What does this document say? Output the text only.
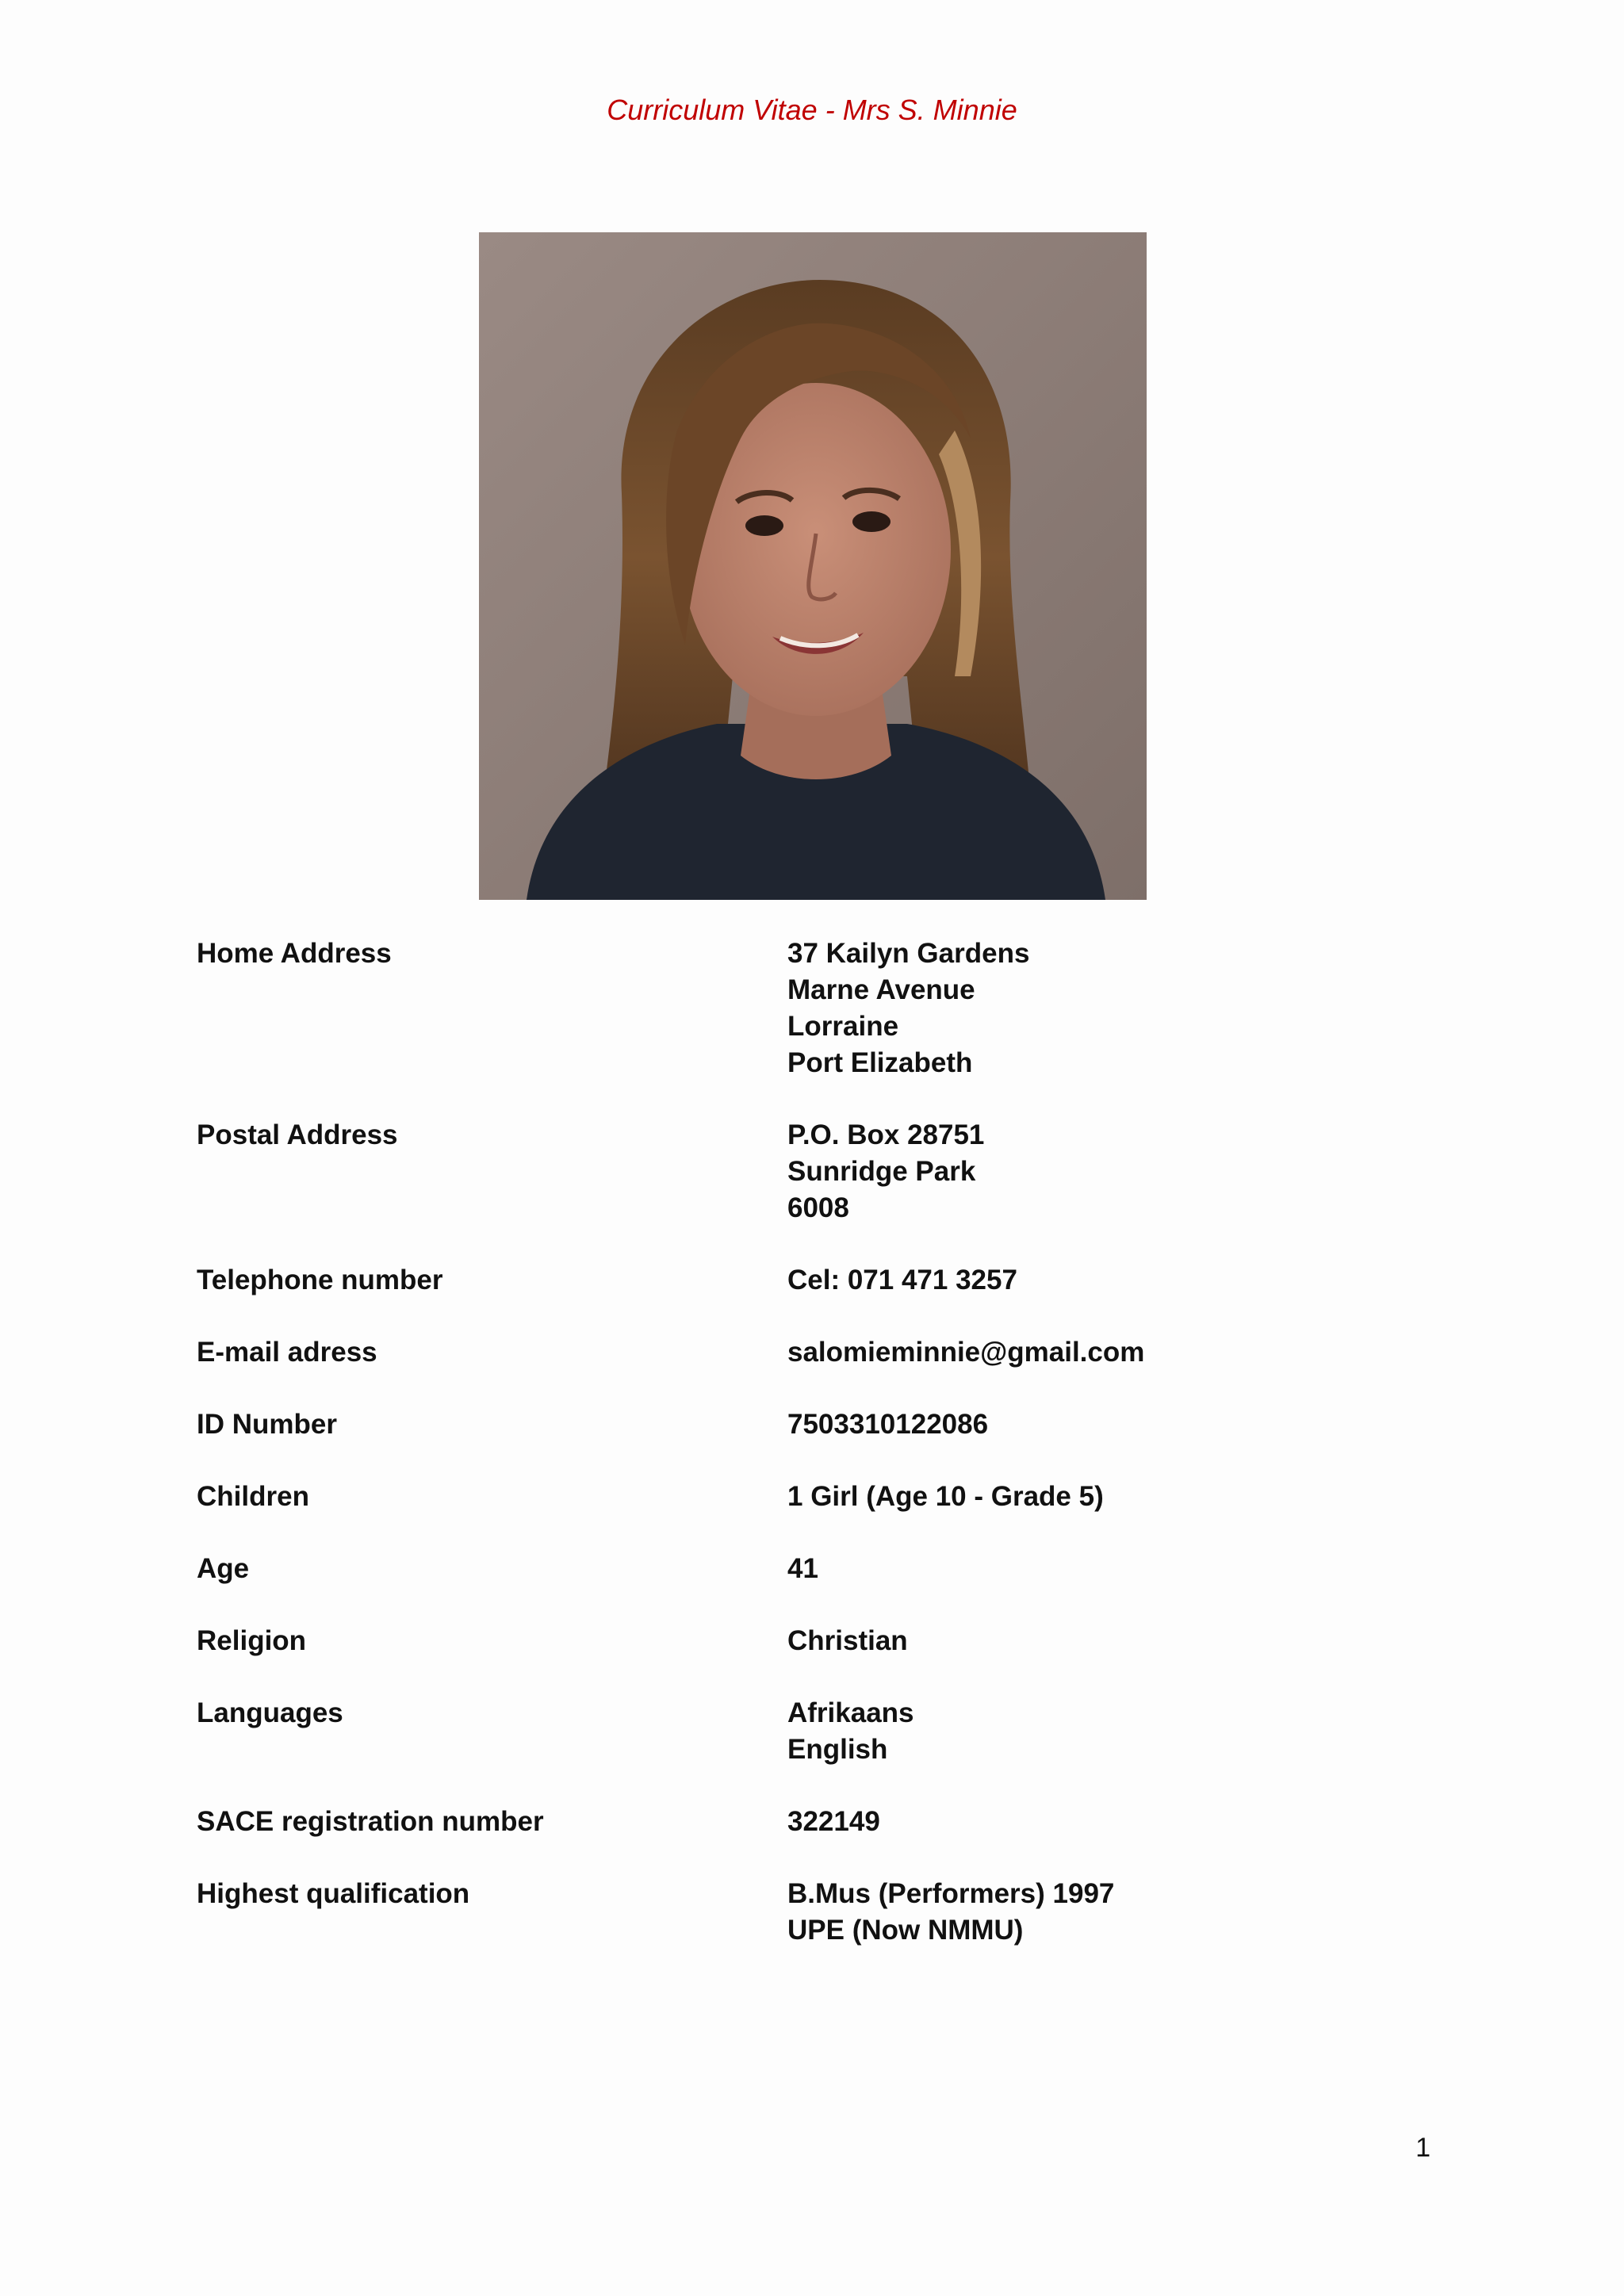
Curriculum Vitae - Mrs S. Minnie
Home Address	37 Kailyn Gardens
Marne Avenue
Lorraine
Port Elizabeth
Postal Address	P.O. Box 28751
Sunridge Park
6008
Telephone number	Cel: 071 471 3257
E-mail adress	salomieminnie@gmail.com
ID Number	7503310122086
Children	1 Girl (Age 10 - Grade 5)
Age	41
Religion	Christian
Languages	Afrikaans
English
SACE registration number	322149
Highest qualification	B.Mus (Performers) 1997
UPE (Now NMMU)
1
